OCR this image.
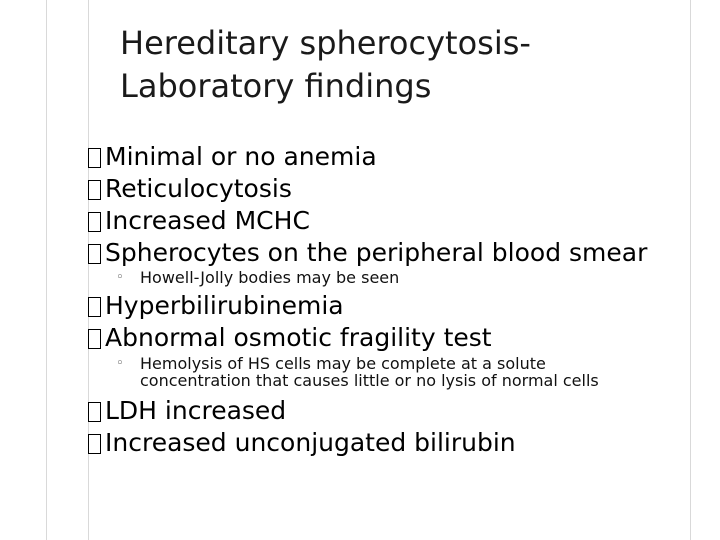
Hereditary spherocytosis-
Laboratory findings
Minimal or no anemia
Reticulocytosis
Increased MCHC
Spherocytes on the peripheral blood smear
◦ Howell-Jolly bodies may be seen
Hyperbilirubinemia
Abnormal osmotic fragility test
◦ Hemolysis of HS cells may be complete at a solute
concentration that causes little or no lysis of normal cells
LDH increased
Increased unconjugated bilirubin
